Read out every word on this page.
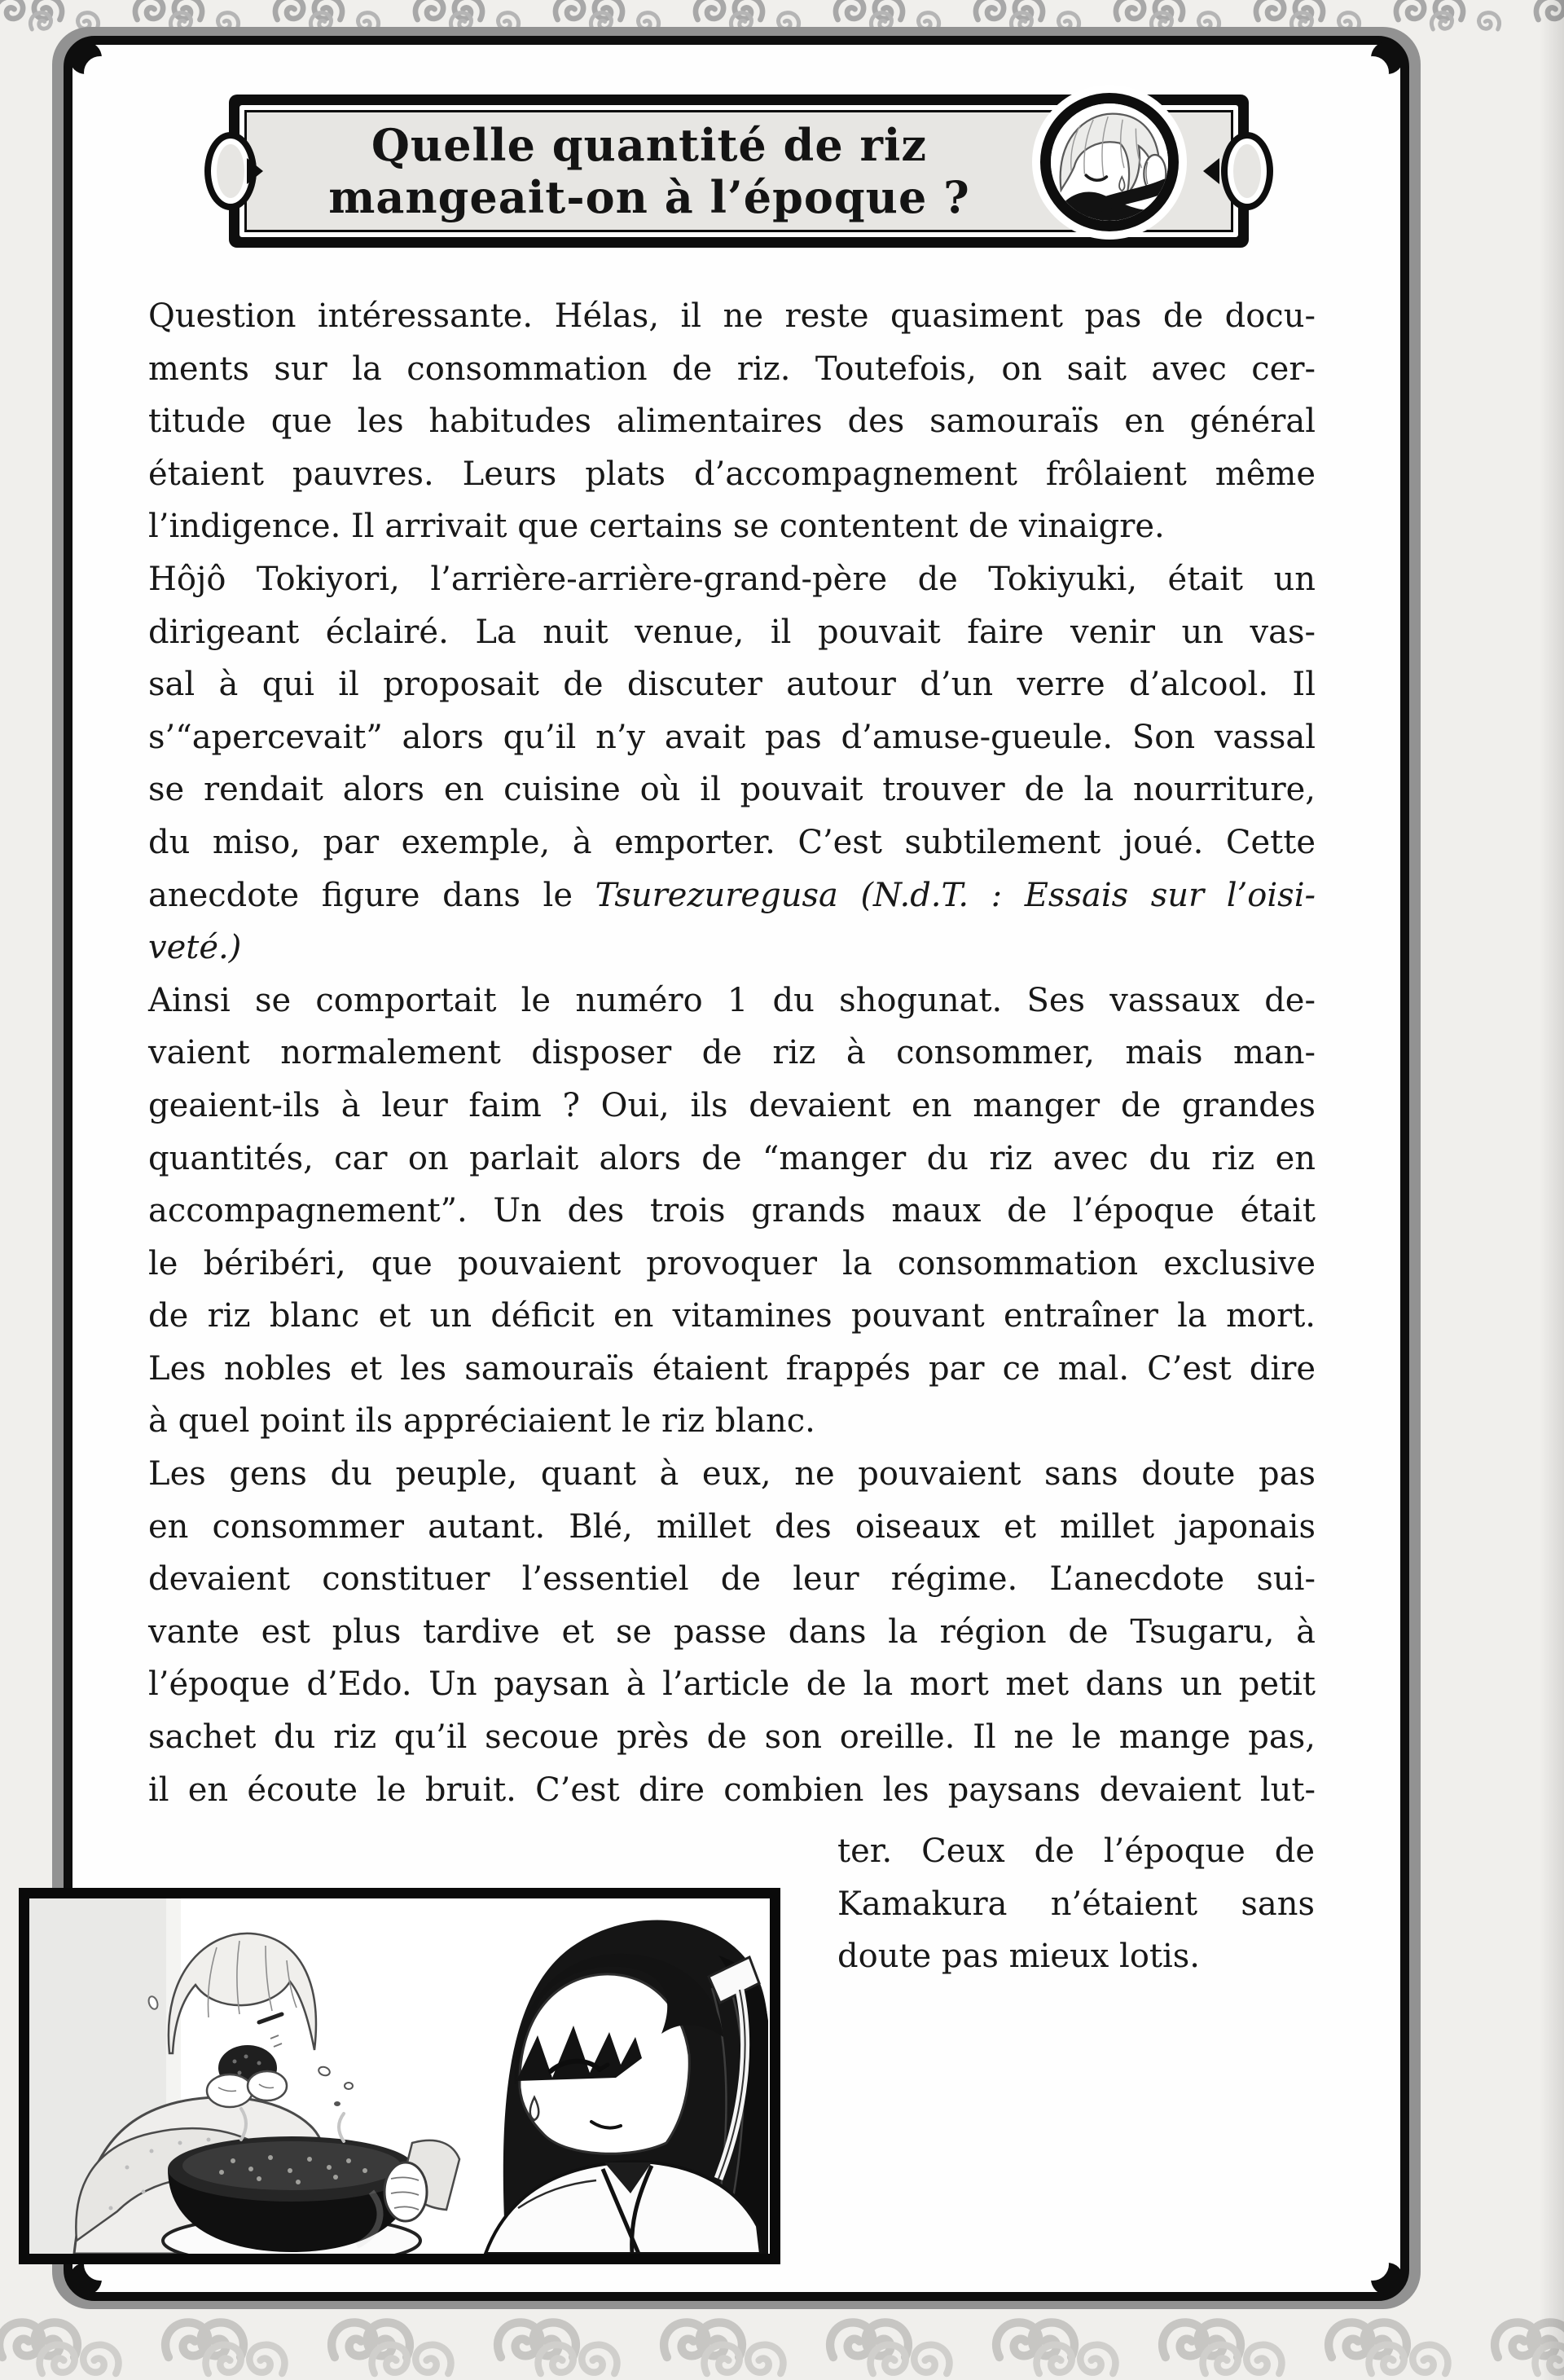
Quelle quantité de riz
mangeait-on à l’époque ?
Question intéressante. Hélas, il ne reste quasiment pas de docu-
ments sur la consommation de riz. Toutefois, on sait avec cer-
titude que les habitudes alimentaires des samouraïs en général
étaient pauvres. Leurs plats d’accompagnement frôlaient même
l’indigence. Il arrivait que certains se contentent de vinaigre.
Hôjô Tokiyori, l’arrière-arrière-grand-père de Tokiyuki, était un
dirigeant éclairé. La nuit venue, il pouvait faire venir un vas-
sal à qui il proposait de discuter autour d’un verre d’alcool. Il
s’“apercevait” alors qu’il n’y avait pas d’amuse-gueule. Son vassal
se rendait alors en cuisine où il pouvait trouver de la nourriture,
du miso, par exemple, à emporter. C’est subtilement joué. Cette
anecdote figure dans le Tsurezuregusa (N.d.T. : Essais sur l’oisi-
veté.)
Ainsi se comportait le numéro 1 du shogunat. Ses vassaux de-
vaient normalement disposer de riz à consommer, mais man-
geaient-ils à leur faim ? Oui, ils devaient en manger de grandes
quantités, car on parlait alors de “manger du riz avec du riz en
accompagnement”. Un des trois grands maux de l’époque était
le béribéri, que pouvaient provoquer la consommation exclusive
de riz blanc et un déficit en vitamines pouvant entraîner la mort.
Les nobles et les samouraïs étaient frappés par ce mal. C’est dire
à quel point ils appréciaient le riz blanc.
Les gens du peuple, quant à eux, ne pouvaient sans doute pas
en consommer autant. Blé, millet des oiseaux et millet japonais
devaient constituer l’essentiel de leur régime. L’anecdote sui-
vante est plus tardive et se passe dans la région de Tsugaru, à
l’époque d’Edo. Un paysan à l’article de la mort met dans un petit
sachet du riz qu’il secoue près de son oreille. Il ne le mange pas,
il en écoute le bruit. C’est dire combien les paysans devaient lut-
ter. Ceux de l’époque de
Kamakura n’étaient sans
doute pas mieux lotis.
